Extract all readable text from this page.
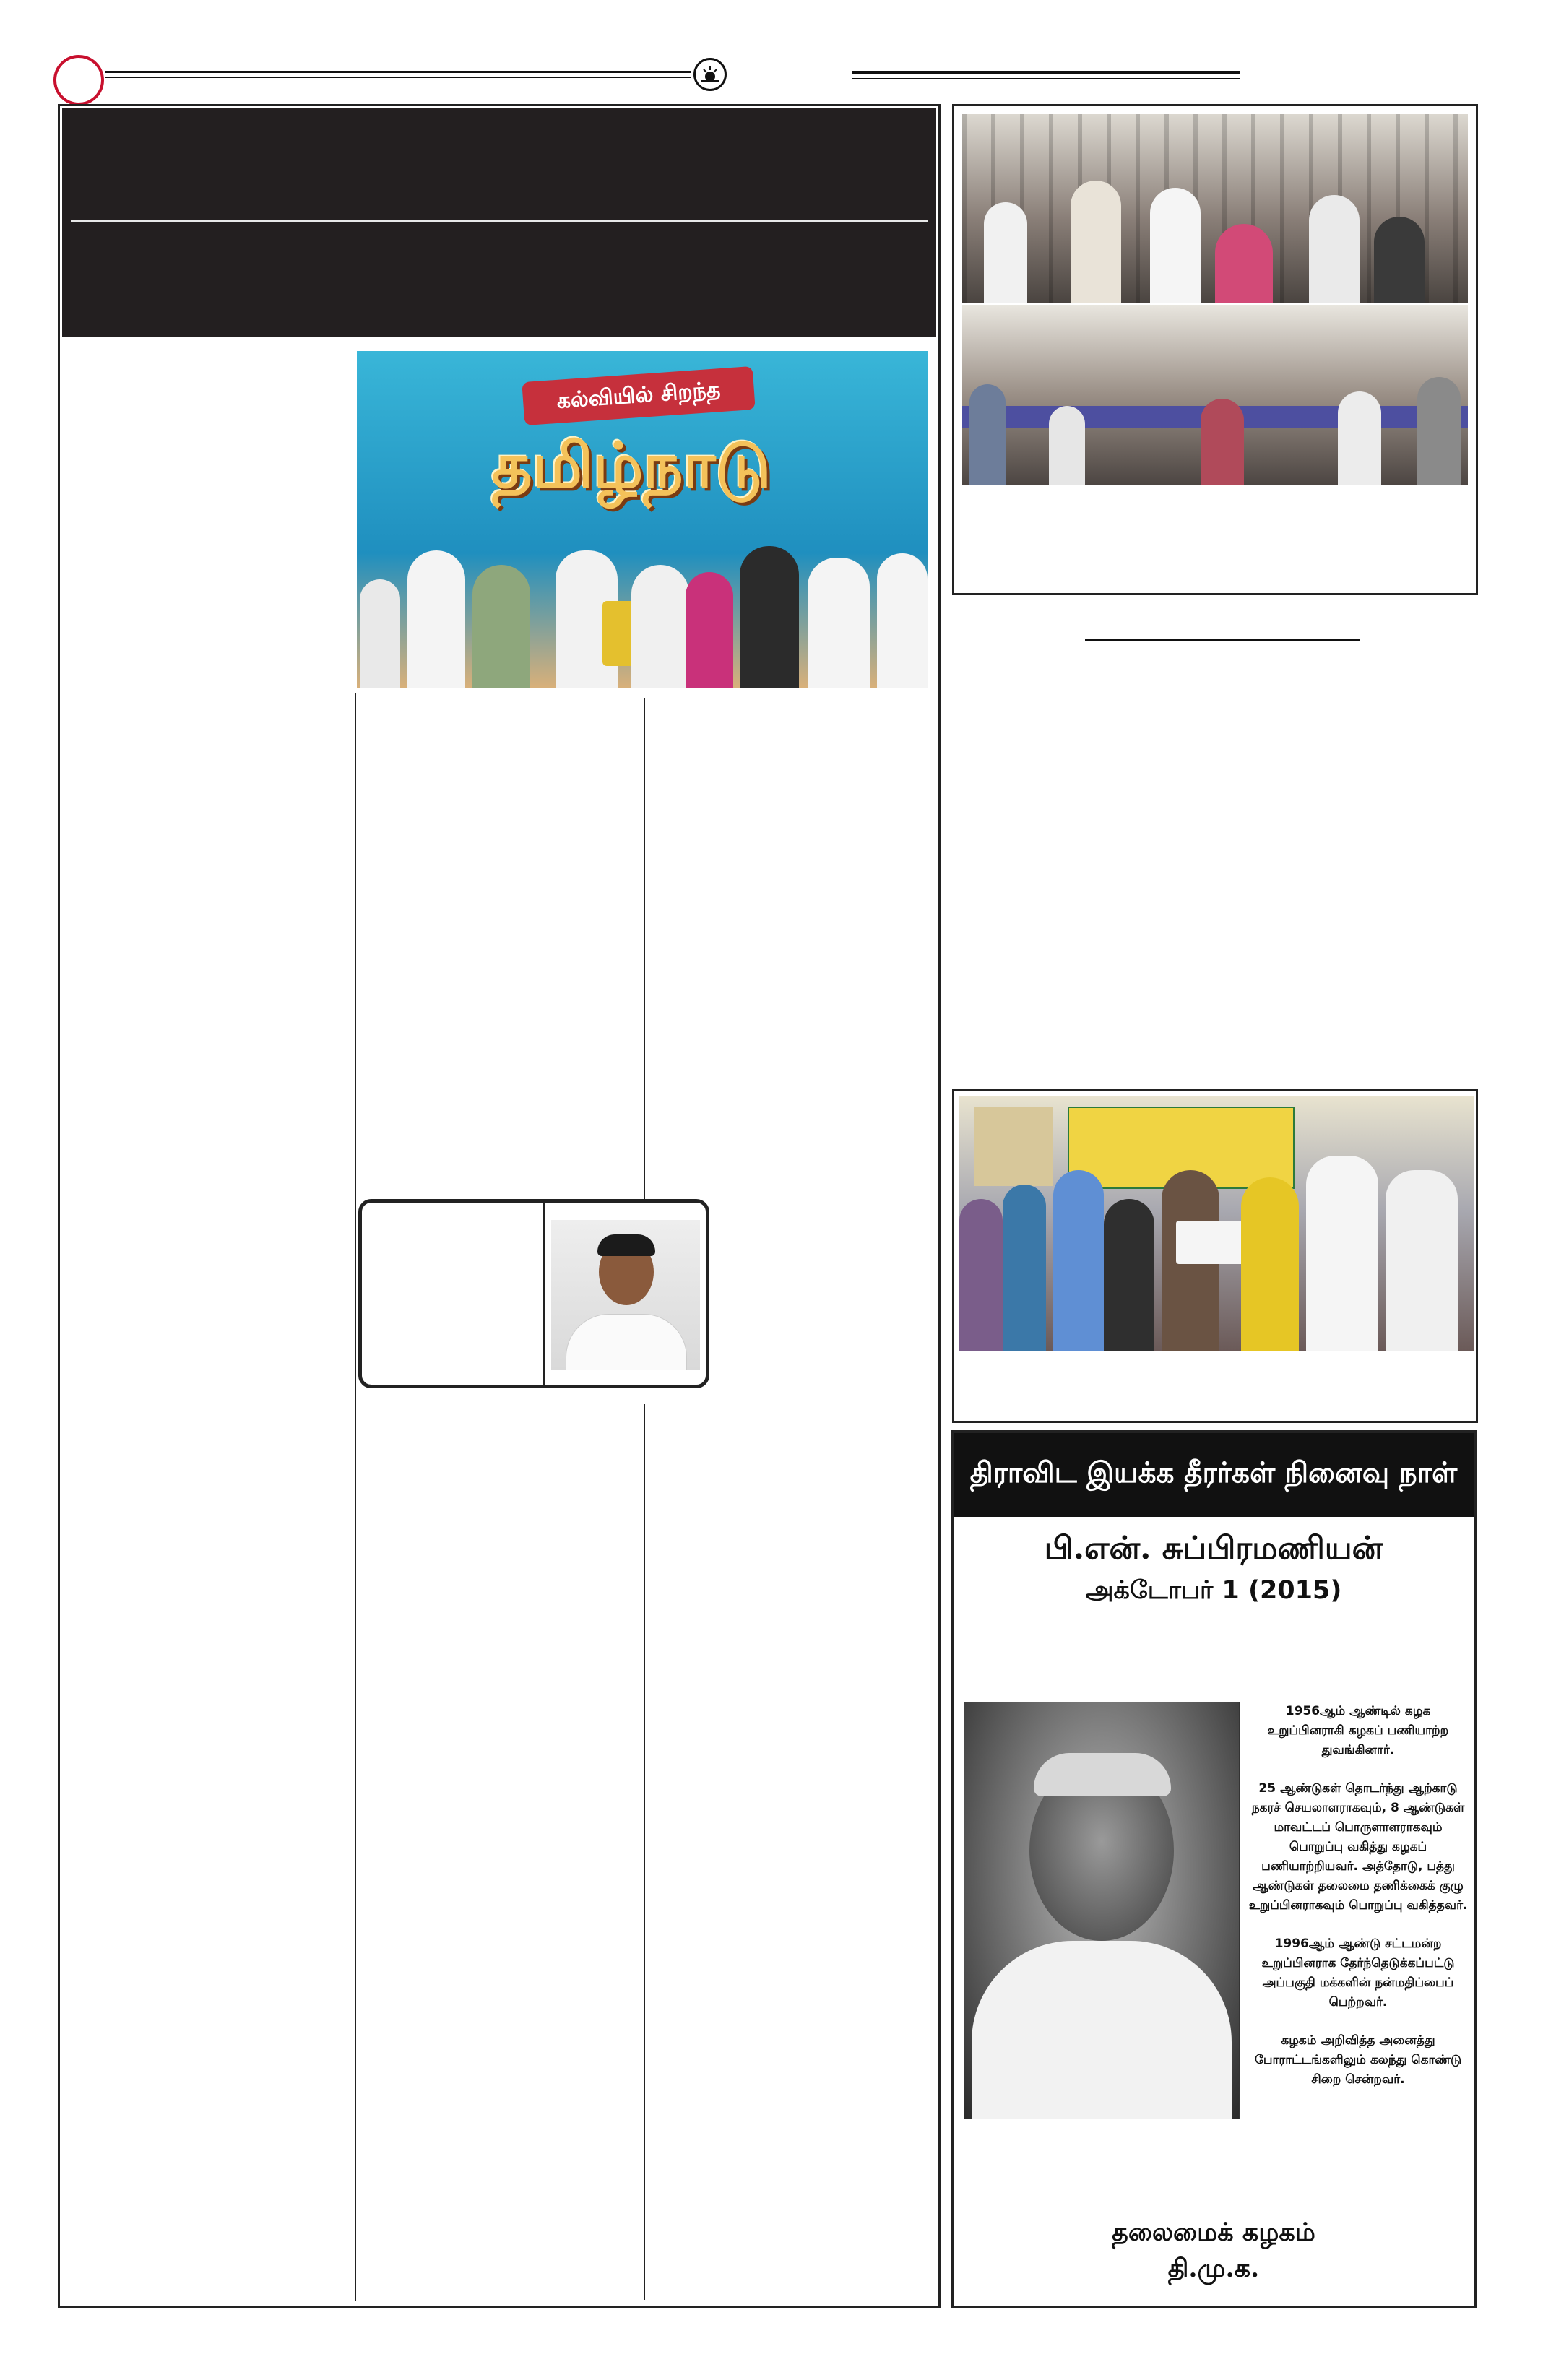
கல்வியில் சிறந்த
தமிழ்நாடு
திராவிட இயக்க தீரர்கள் நினைவு நாள்
பி.என். சுப்பிரமணியன்
அக்டோபர் 1 (2015)

1956ஆம் ஆண்டில் கழக உறுப்பினராகி கழகப் பணியாற்ற துவங்கினார்.

25 ஆண்டுகள் தொடர்ந்து ஆற்காடு நகரச் செயலாளராகவும், 8 ஆண்டுகள் மாவட்டப் பொருளாளராகவும் பொறுப்பு வகித்து கழகப் பணியாற்றியவர். அத்தோடு, பத்து ஆண்டுகள் தலைமை தணிக்கைக் குழு உறுப்பினராகவும் பொறுப்பு வகித்தவர்.

1996ஆம் ஆண்டு சட்டமன்ற உறுப்பினராக தேர்ந்தெடுக்கப்பட்டு அப்பகுதி மக்களின் நன்மதிப்பைப் பெற்றவர்.

கழகம் அறிவித்த அனைத்து போராட்டங்களிலும் கலந்து கொண்டு சிறை சென்றவர்.

தலைமைக் கழகம்
தி.மு.க.
